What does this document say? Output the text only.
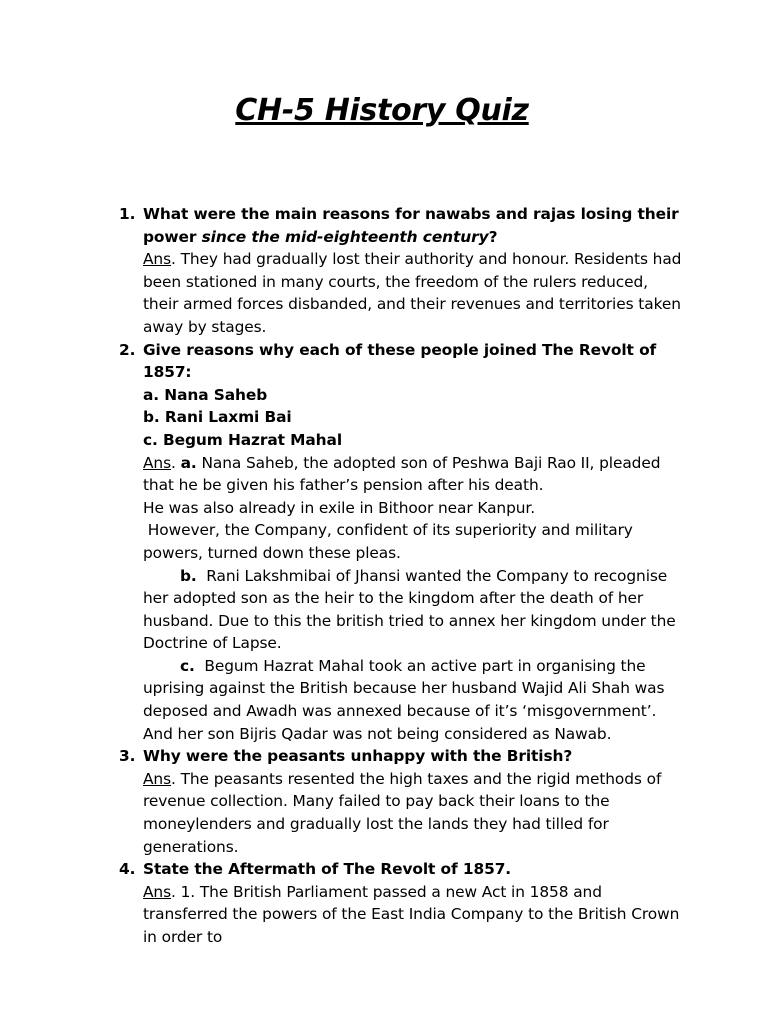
CH-5 History Quiz
1. What were the main reasons for nawabs and rajas losing their power since the mid-eighteenth century?
Ans. They had gradually lost their authority and honour. Residents had been stationed in many courts, the freedom of the rulers reduced, their armed forces disbanded, and their revenues and territories taken away by stages.
2. Give reasons why each of these people joined The Revolt of 1857:
a. Nana Saheb
b. Rani Laxmi Bai
c. Begum Hazrat Mahal
Ans. a. Nana Saheb, the adopted son of Peshwa Baji Rao II, pleaded that he be given his father’s pension after his death.
He was also already in exile in Bithoor near Kanpur.
However, the Company, confident of its superiority and military powers, turned down these pleas.
b. Rani Lakshmibai of Jhansi wanted the Company to recognise her adopted son as the heir to the kingdom after the death of her husband. Due to this the british tried to annex her kingdom under the Doctrine of Lapse.
c. Begum Hazrat Mahal took an active part in organising the uprising against the British because her husband Wajid Ali Shah was deposed and Awadh was annexed because of it’s ‘misgovernment’. And her son Bijris Qadar was not being considered as Nawab.
3. Why were the peasants unhappy with the British?
Ans. The peasants resented the high taxes and the rigid methods of revenue collection. Many failed to pay back their loans to the moneylenders and gradually lost the lands they had tilled for generations.
4. State the Aftermath of The Revolt of 1857.
Ans. 1. The British Parliament passed a new Act in 1858 and transferred the powers of the East India Company to the British Crown in order to
